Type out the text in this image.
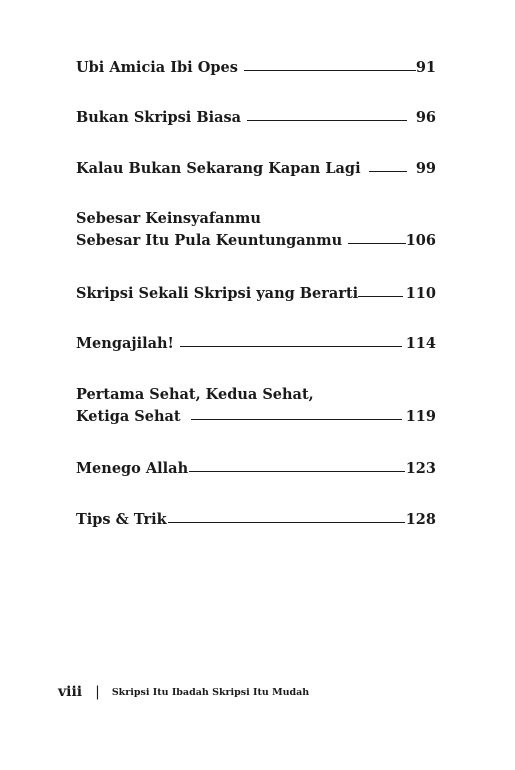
Ubi Amicia Ibi Opes	91
Bukan Skripsi Biasa	96
Kalau Bukan Sekarang Kapan Lagi	99
Sebesar Keinsyafanmu
Sebesar Itu Pula Keuntunganmu	106
Skripsi Sekali Skripsi yang Berarti	110
Mengajilah!	114
Pertama Sehat, Kedua Sehat,
Ketiga Sehat	119
Menego Allah	123
Tips & Trik	128
viii | Skripsi Itu Ibadah Skripsi Itu Mudah
